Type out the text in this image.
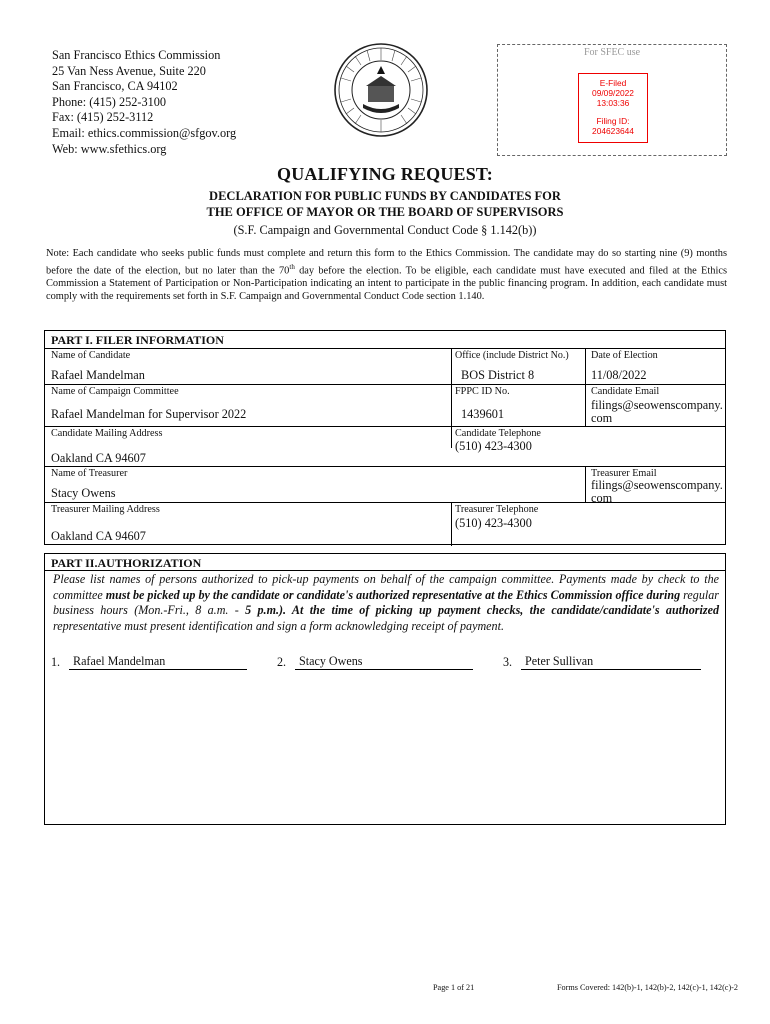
San Francisco Ethics Commission
25 Van Ness Avenue, Suite 220
San Francisco, CA 94102
Phone: (415) 252-3100
Fax: (415) 252-3112
Email: ethics.commission@sfgov.org
Web: www.sfethics.org
For SFEC use
E-Filed
09/09/2022
13:03:36
Filing ID:
204623644
QUALIFYING REQUEST:
DECLARATION FOR PUBLIC FUNDS BY CANDIDATES FOR
THE OFFICE OF MAYOR OR THE BOARD OF SUPERVISORS
(S.F. Campaign and Governmental Conduct Code § 1.142(b))
Note: Each candidate who seeks public funds must complete and return this form to the Ethics Commission. The candidate may do so starting nine (9) months before the date of the election, but no later than the 70th day before the election. To be eligible, each candidate must have executed and filed at the Ethics Commission a Statement of Participation or Non-Participation indicating an intent to participate in the public financing program. In addition, each candidate must comply with the requirements set forth in S.F. Campaign and Governmental Conduct Code section 1.140.
PART I. FILER INFORMATION
Name of Candidate
Rafael Mandelman
Office (include District No.)
BOS District 8
Date of Election
11/08/2022
Name of Campaign Committee
Rafael Mandelman for Supervisor 2022
FPPC ID No.
1439601
Candidate Email
filings@seowenscompany.com
Candidate Mailing Address
Oakland CA 94607
Candidate Telephone
(510) 423-4300
Name of Treasurer
Stacy Owens
Treasurer Email
filings@seowenscompany.com
Treasurer Mailing Address
Oakland CA 94607
Treasurer Telephone
(510) 423-4300
PART II.AUTHORIZATION
Please list names of persons authorized to pick-up payments on behalf of the campaign committee. Payments made by check to the committee must be picked up by the candidate or candidate's authorized representative at the Ethics Commission office during regular business hours (Mon.-Fri., 8 a.m. - 5 p.m.). At the time of picking up payment checks, the candidate/candidate's authorized representative must present identification and sign a form acknowledging receipt of payment.
1. Rafael Mandelman	2. Stacy Owens	3. Peter Sullivan
Page 1 of 21	Forms Covered: 142(b)-1, 142(b)-2, 142(c)-1, 142(c)-2
